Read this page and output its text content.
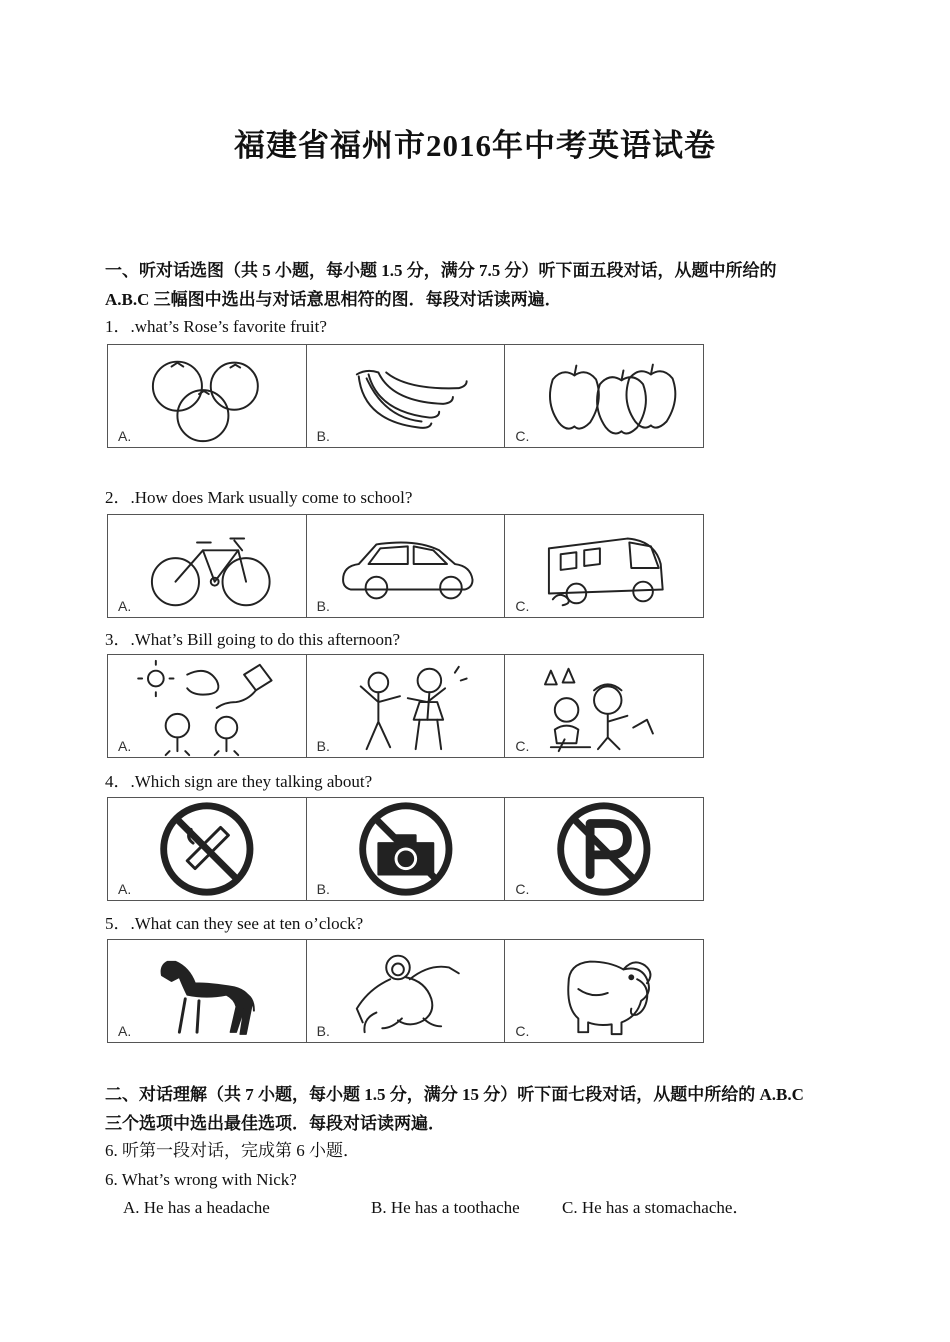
福建省福州市2016年中考英语试卷
一、听对话选图（共 5 小题，每小题 1.5 分，满分 7.5 分）听下面五段对话，从题中所给的
A.B.C 三幅图中选出与对话意思相符的图．每段对话读两遍．
1．.what’s Rose’s favorite fruit?
A.	B.	C.
2．.How does Mark usually come to school?
A.	B.	C.
3．.What’s Bill going to do this afternoon?
A.	B.	C.
4．.Which sign are they talking about?
A.	B.	C.
5．.What can they see at ten o’clock?
A.	B.	C.
二、对话理解（共 7 小题，每小题 1.5 分，满分 15 分）听下面七段对话，从题中所给的 A.B.C
三个选项中选出最佳选项．每段对话读两遍．
6. 听第一段对话，完成第 6 小题．
6. What’s wrong with Nick?
A. He has a headache	B. He has a toothache C. He has a stomachache．
